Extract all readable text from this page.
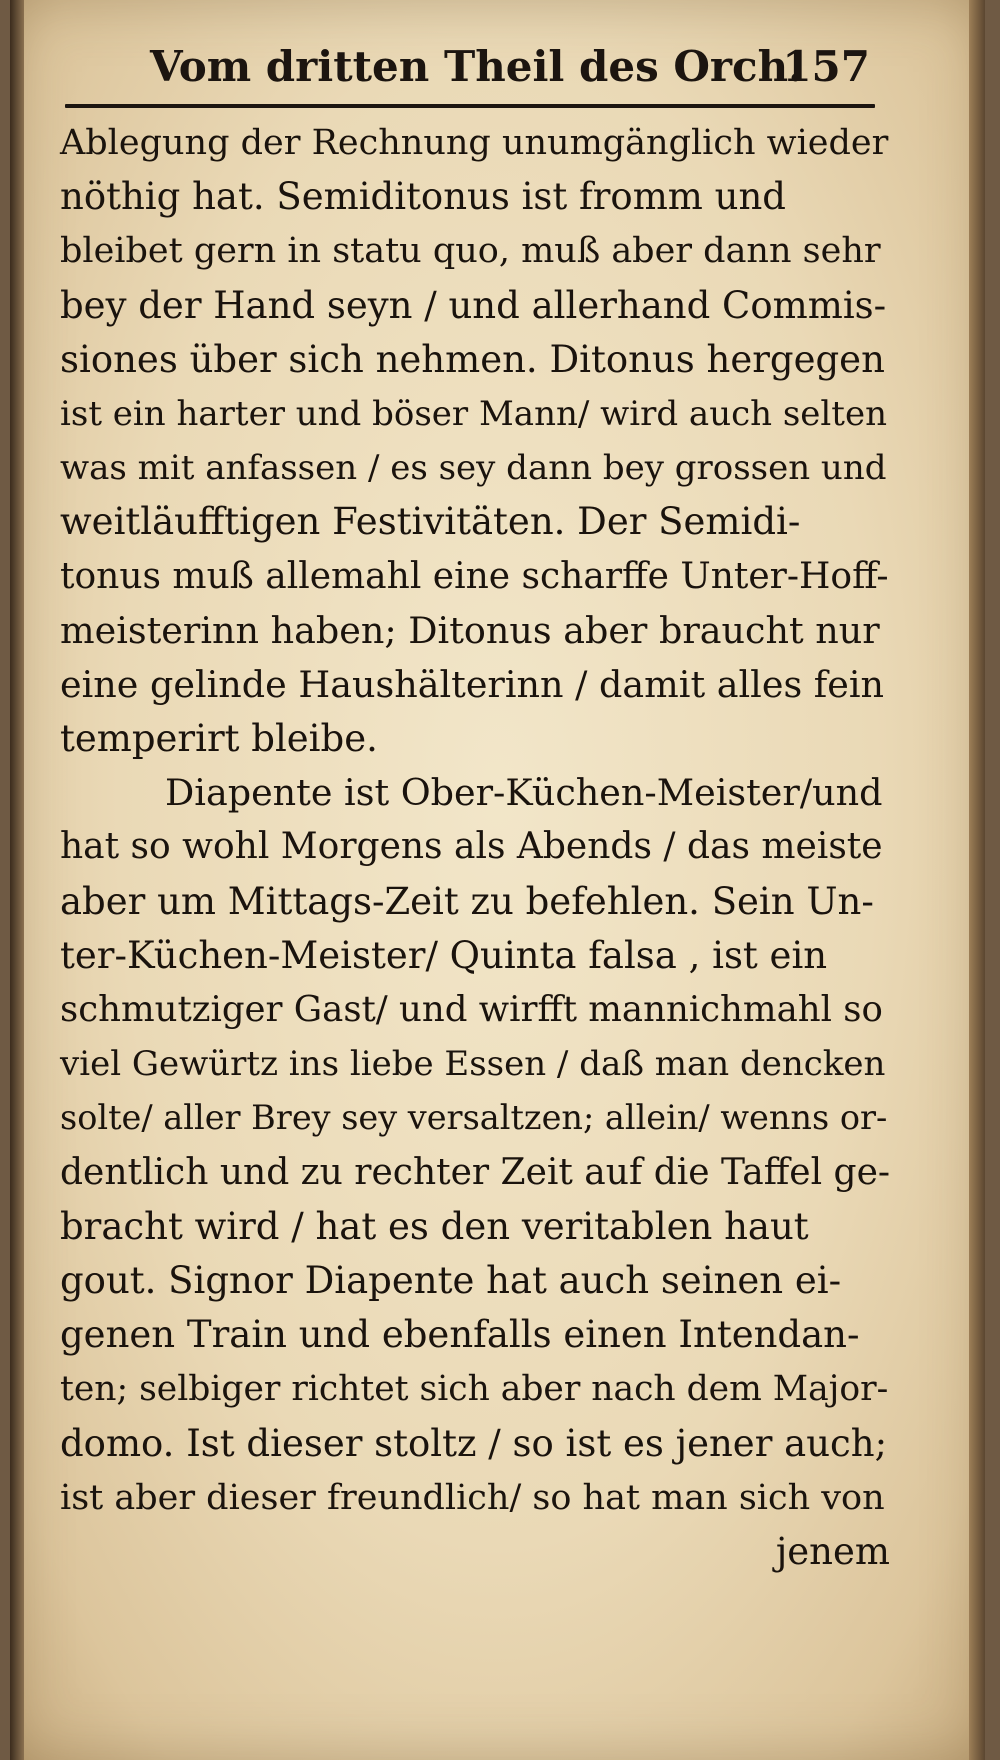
Vom dritten Theil des Orch.
157
Ablegung der Rechnung unumgänglich wieder
nöthig hat. Semiditonus ist fromm und
bleibet gern in statu quo, muß aber dann sehr
bey der Hand seyn / und allerhand Commis-
siones über sich nehmen. Ditonus hergegen
ist ein harter und böser Mann/ wird auch selten
was mit anfassen / es sey dann bey grossen und
weitläufftigen Festivitäten. Der Semidi-
tonus muß allemahl eine scharffe Unter-Hoff-
meisterinn haben; Ditonus aber braucht nur
eine gelinde Haushälterinn / damit alles fein
temperirt bleibe.
Diapente ist Ober-Küchen-Meister/und
hat so wohl Morgens als Abends / das meiste
aber um Mittags-Zeit zu befehlen. Sein Un-
ter-Küchen-Meister/ Quinta falsa , ist ein
schmutziger Gast/ und wirfft mannichmahl so
viel Gewürtz ins liebe Essen / daß man dencken
solte/ aller Brey sey versaltzen; allein/ wenns or-
dentlich und zu rechter Zeit auf die Taffel ge-
bracht wird / hat es den veritablen haut
gout. Signor Diapente hat auch seinen ei-
genen Train und ebenfalls einen Intendan-
ten; selbiger richtet sich aber nach dem Major-
domo. Ist dieser stoltz / so ist es jener auch;
ist aber dieser freundlich/ so hat man sich von
jenem
